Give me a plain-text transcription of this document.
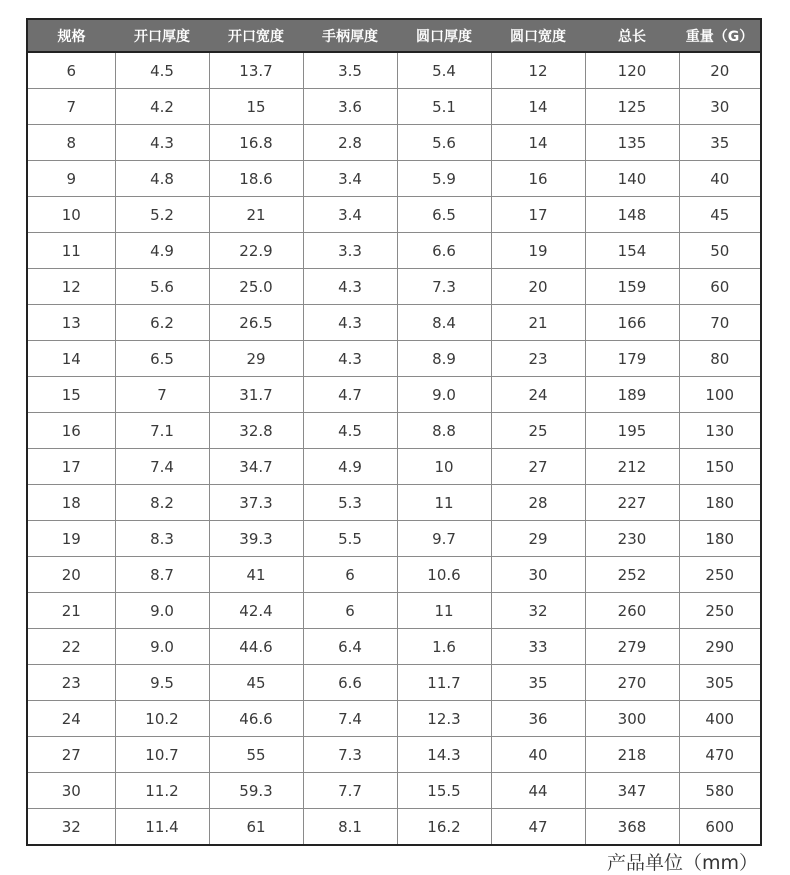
规格	开口厚度	开口宽度	手柄厚度	圆口厚度	圆口宽度	总长	重量（G）
6	4.5	13.7	3.5	5.4	12	120	20
7	4.2	15	3.6	5.1	14	125	30
8	4.3	16.8	2.8	5.6	14	135	35
9	4.8	18.6	3.4	5.9	16	140	40
10	5.2	21	3.4	6.5	17	148	45
11	4.9	22.9	3.3	6.6	19	154	50
12	5.6	25.0	4.3	7.3	20	159	60
13	6.2	26.5	4.3	8.4	21	166	70
14	6.5	29	4.3	8.9	23	179	80
15	7	31.7	4.7	9.0	24	189	100
16	7.1	32.8	4.5	8.8	25	195	130
17	7.4	34.7	4.9	10	27	212	150
18	8.2	37.3	5.3	11	28	227	180
19	8.3	39.3	5.5	9.7	29	230	180
20	8.7	41	6	10.6	30	252	250
21	9.0	42.4	6	11	32	260	250
22	9.0	44.6	6.4	1.6	33	279	290
23	9.5	45	6.6	11.7	35	270	305
24	10.2	46.6	7.4	12.3	36	300	400
27	10.7	55	7.3	14.3	40	218	470
30	11.2	59.3	7.7	15.5	44	347	580
32	11.4	61	8.1	16.2	47	368	600
产品单位（mm）
